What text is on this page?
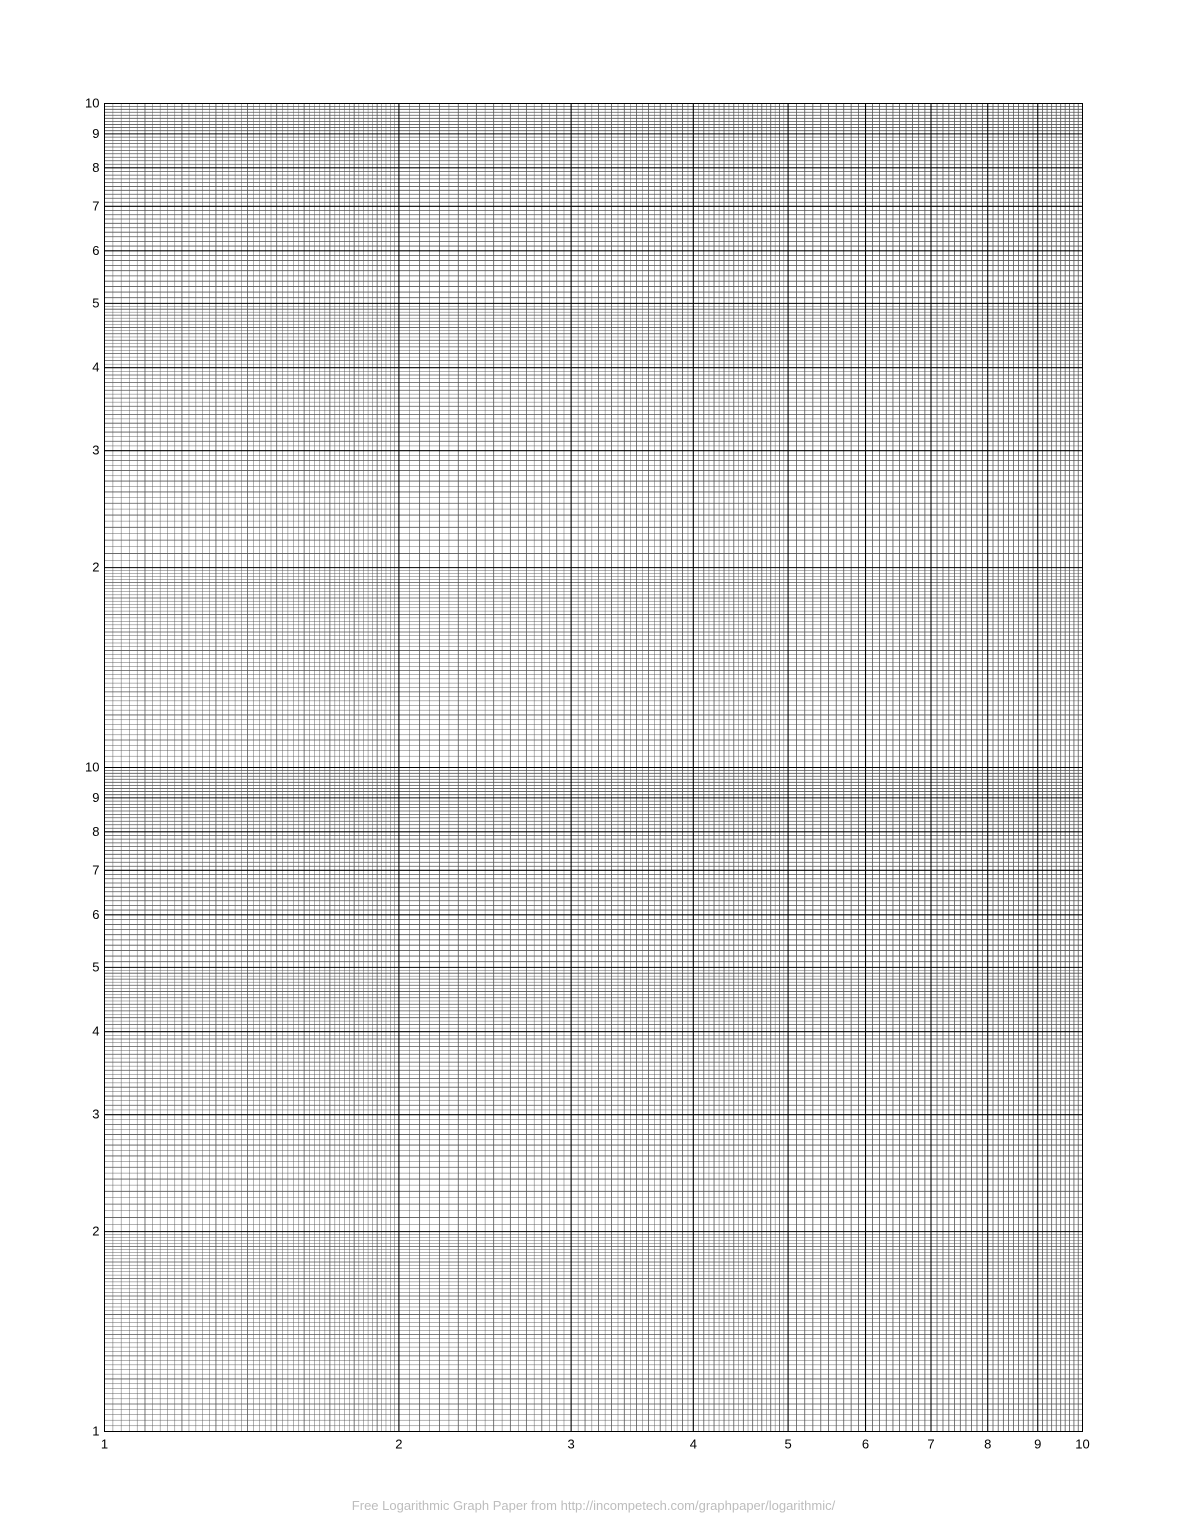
1	2	3	4	5	6	7	8	9	10
1
2
3
4
5
6
7
8
9
10
2
3
4
5
6
7
8
9
10
Free Logarithmic Graph Paper from http://incompetech.com/graphpaper/logarithmic/
